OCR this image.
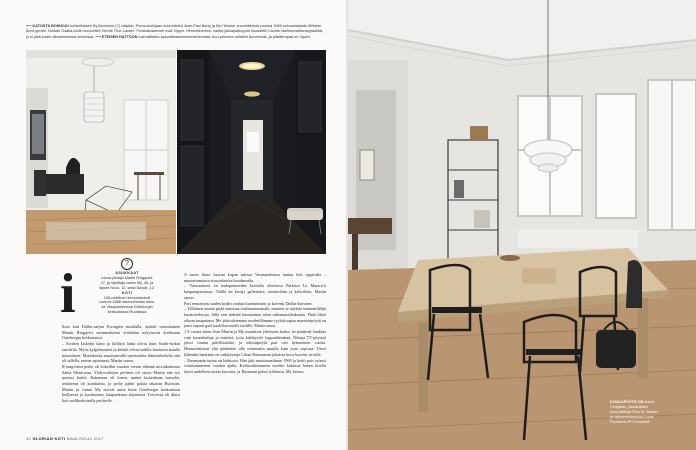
⟵ KATOSTA ROIKKUU hollantilaisen By illuminien (?) valaisin. Penta-tuolejaan suunnitellut Jean-Paul Barry ja Kim Wotzer suunnittelivat vuonna 1969 sohvasissaala Wilhelm Bohr-gerdin. Nurkan Osaka-tuolin suunnitteli Henrik Thor-Larsen. Prosbakaatemet ovat Vippin. Henrinahenmn, vanha jakkapalkoppat huudattiin Laurits vanhemosittunappaaliksi, jo ei ylsä kodin ulkosemmissa versiossa. ⟶ ETEISEN HATTOON voimoliitetan kasvatitaaalmeenmeinenmaa. Arvi-perneen ostettiin Annemolla, ja pitalliempaa on Vippin.
i	?
ASUKKAAT
Luova johtaja Martin Ringqvist,
47, ja sijoittaja vaimo My, 45, ja
lapset Nova, 12, sekä Nanok, 12.
KOTI
156-neliöinen kerrostalokoti
vuonna 1888 rakennetussa talos-
sa Vasastadenissa Göteborgin
keskustassa Ruotsissa

lloin kun Dallas-sarjan Ewingien maailalla, ajatteli ruotsalainen Martin Ringqvist ensimmäisenä viittäälan nykyisessä kodissaan Göteborgin keskustassa.

– Ewinen laskettu katto ja kiillävä lattia olivat kuin South-forkin ranchilla. Myös kylpyhuoneet ja keittiö olivat todella huonosta maalla muutoksen. Muttakoska asuntomvallä operistäitse ihmisinkokelta että oli tallella, erotne opistmeet, Martin sanoo.

R inagvistin perhe oli kokeillut vuoden verran elämää ascrinkatieona Santa Monicassa. Yhdysvaltojen perheen oli vireyt Martin täte työ maassa kuitla. Kukaenan oli lomat, muttei kuitenkaan tuuvalta, tettäärenä oli konttiartai, ja perhe päätti palata takaisin Ruotsiin. Martin ja vaimo My etsivät uutta kotia Göteborgin keskustasta heillaessä jo kuvittuinen, kaupunkinsa käymässä. Toiveissa oli tilava koti neilikerkoisella perheelle.

A sunto ihaso luovan kopan talossa Vasastadenissa tuntuu heti oppivalla – muutettamaisia sisusteksessa hoodmaalta.

– Vasastanissa on nadeponnoiden korttelia oleasessa Parkista Le Marace'n kaupunginosassa. Täällä on kivoja gallerioita, ravintoloita ja kahviloita, Martin sanoo.

Pari remontoisi uuden kodin vanhaa kunnioittaen ja kuvensi Dallas-kuvasen.

– Tällainen asunto pitää ennottaa vaalimattunanaki, muuten se näyttää tenninaillälijä huonosteleysta. Sillä oon tärkeää kunnioittaa talon rakennusaikakautta. Pitää lilytä oikeaa tasapainoa. Me yksituletemme modeelilamme tyylejä sapaa marmoripöytä on juuri suprau gazi kaaleikuosuelle tuolille, Martin anoo.

1 8 vuotta sitten Jean Martin ja My muuttivat yhteiseen kotiin, he päättivät hankkia vain huonekaluja ja esineitä, joita kiirhtyvöö loppuelämänsä. Nöinpi TV-pöytäsä joissi vaanta päivillautitäo, ja odoraapöytä pari oiei kymmenen vuotta. Hemuodattavat yhä päätteitäo olla seisemalta muulla kuin juuri sopivaa. Tässä lilämään hankinta on vaikkavaaja Lilian Basemanin jokaista kova koretta, sevalla.

– Basemanin tarina on kiehtova. Hän jätti muotimaailman 1969 ja heitti pois työnsä sotaistuimmeen vuoden ajalta. Kaltirosktimmeen vuoden kuluttua hänen tittelin tärytt uudelleen tuotta kasvista, ja Baseman palasi työhönsä, My kertoo.

32 GLORIAN KOTI MAALISKUU 2017
KUUKAPÖYTÄ ON David Ceagelan, jakkaraiden suunnittelijat Paul M. Volmer ja valosemokolmion Louis Poulsenin PH Snowball.
